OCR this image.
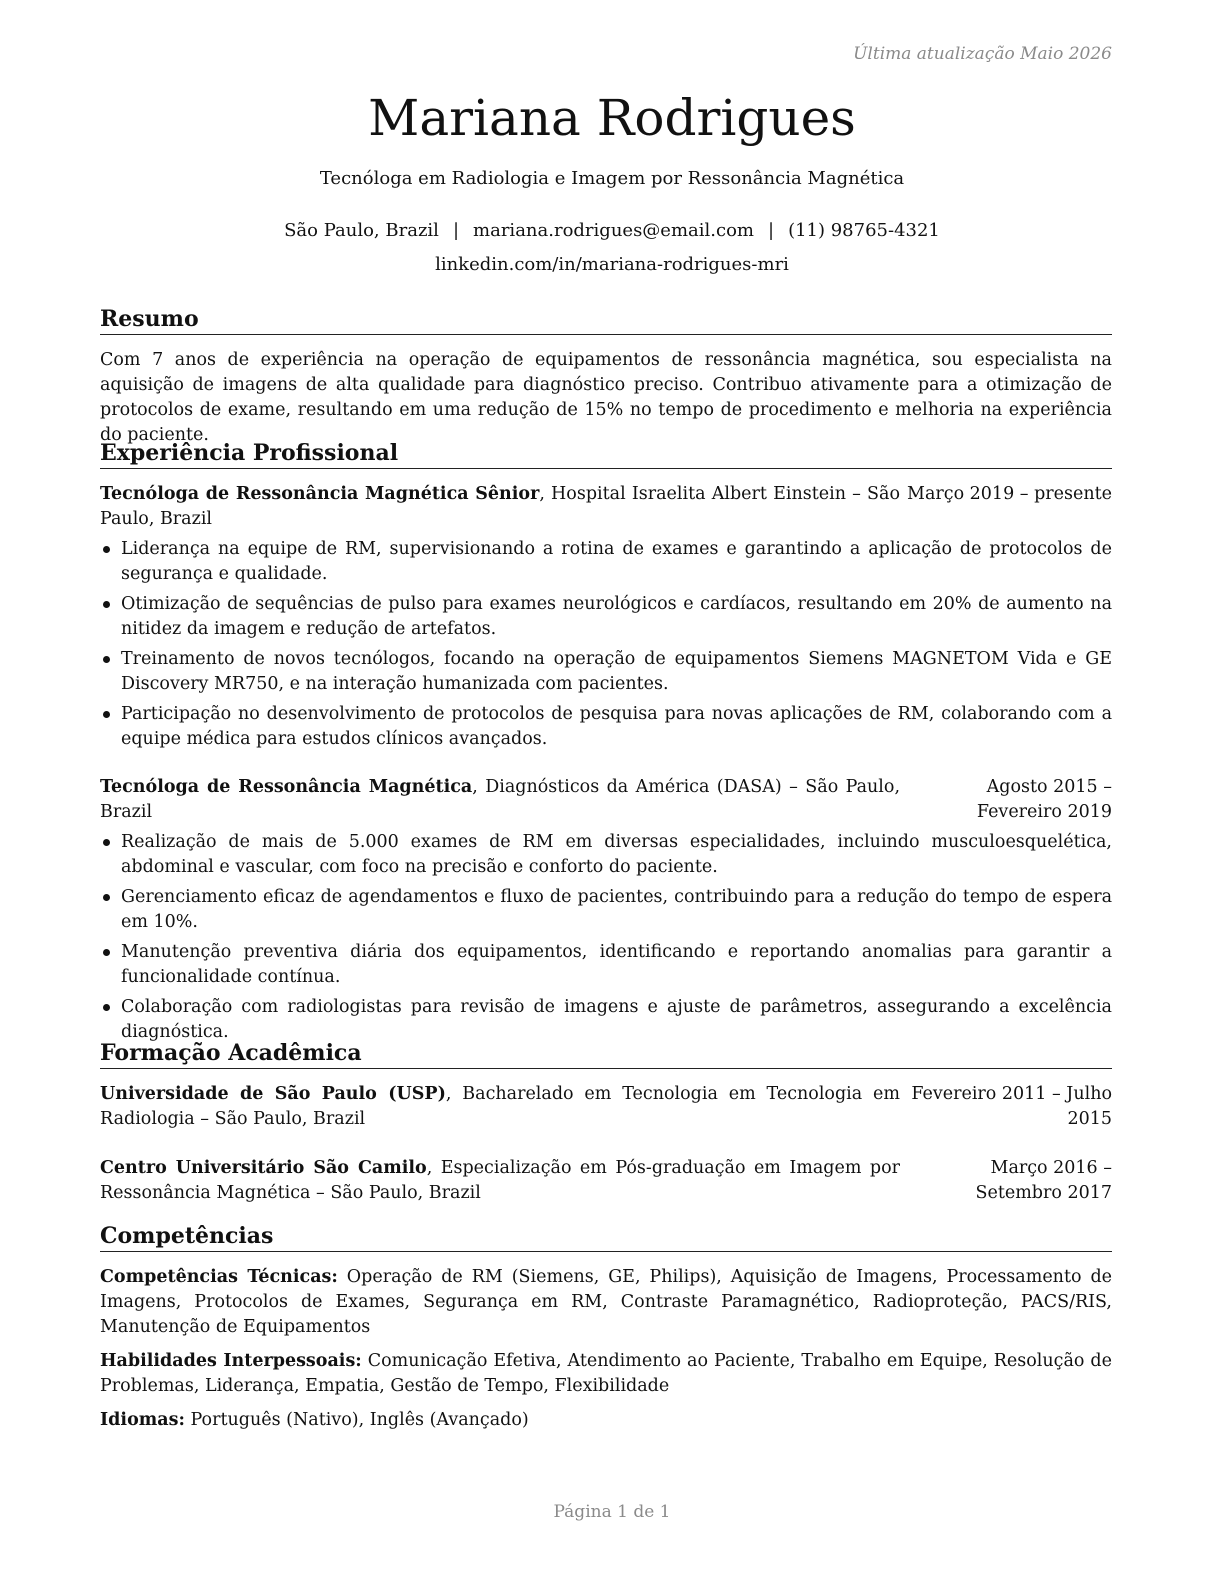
Última atualização Maio 2026
Mariana Rodrigues
Tecnóloga em Radiologia e Imagem por Ressonância Magnética
São Paulo, Brazil | mariana.rodrigues@email.com | (11) 98765-4321
linkedin.com/in/mariana-rodrigues-mri
Resumo
Com 7 anos de experiência na operação de equipamentos de ressonância magnética, sou especialista na aquisição de imagens de alta qualidade para diagnóstico preciso. Contribuo ativamente para a otimização de protocolos de exame, resultando em uma redução de 15% no tempo de procedimento e melhoria na experiência do paciente.
Experiência Profissional
Tecnóloga de Ressonância Magnética Sênior, Hospital Israelita Albert Einstein – São Paulo, Brazil
Março 2019 – presente
Liderança na equipe de RM, supervisionando a rotina de exames e garantindo a aplicação de protocolos de segurança e qualidade.
Otimização de sequências de pulso para exames neurológicos e cardíacos, resultando em 20% de aumento na nitidez da imagem e redução de artefatos.
Treinamento de novos tecnólogos, focando na operação de equipamentos Siemens MAGNETOM Vida e GE Discovery MR750, e na interação humanizada com pacientes.
Participação no desenvolvimento de protocolos de pesquisa para novas aplicações de RM, colaborando com a equipe médica para estudos clínicos avançados.
Tecnóloga de Ressonância Magnética, Diagnósticos da América (DASA) – São Paulo, Brazil
Agosto 2015 – Fevereiro 2019
Realização de mais de 5.000 exames de RM em diversas especialidades, incluindo musculoesquelética, abdominal e vascular, com foco na precisão e conforto do paciente.
Gerenciamento eficaz de agendamentos e fluxo de pacientes, contribuindo para a redução do tempo de espera em 10%.
Manutenção preventiva diária dos equipamentos, identificando e reportando anomalias para garantir a funcionalidade contínua.
Colaboração com radiologistas para revisão de imagens e ajuste de parâmetros, assegurando a excelência diagnóstica.
Formação Acadêmica
Universidade de São Paulo (USP), Bacharelado em Tecnologia em Tecnologia em Radiologia – São Paulo, Brazil
Fevereiro 2011 – Julho 2015
Centro Universitário São Camilo, Especialização em Pós-graduação em Imagem por Ressonância Magnética – São Paulo, Brazil
Março 2016 – Setembro 2017
Competências
Competências Técnicas: Operação de RM (Siemens, GE, Philips), Aquisição de Imagens, Processamento de Imagens, Protocolos de Exames, Segurança em RM, Contraste Paramagnético, Radioproteção, PACS/RIS, Manutenção de Equipamentos
Habilidades Interpessoais: Comunicação Efetiva, Atendimento ao Paciente, Trabalho em Equipe, Resolução de Problemas, Liderança, Empatia, Gestão de Tempo, Flexibilidade
Idiomas: Português (Nativo), Inglês (Avançado)
Página 1 de 1
